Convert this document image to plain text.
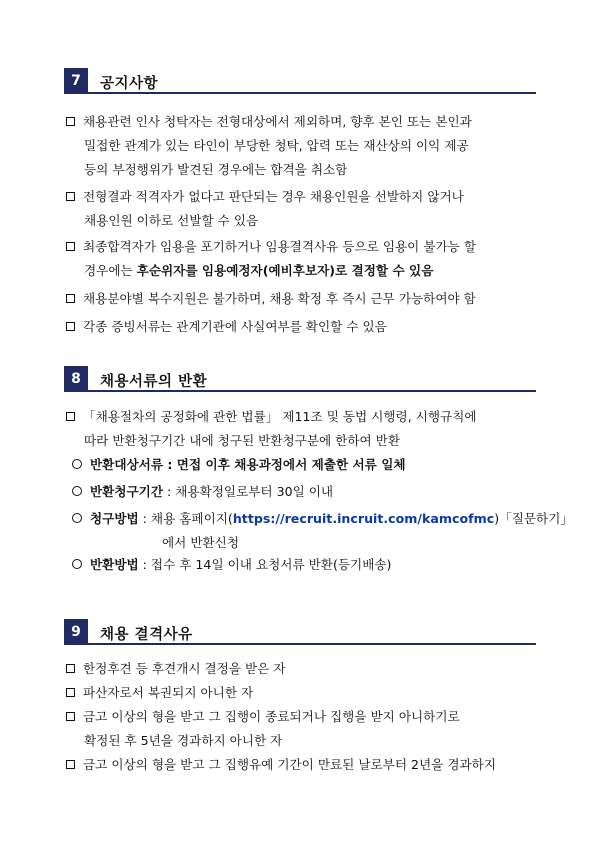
7	공지사항
채용관련 인사 청탁자는 전형대상에서 제외하며, 향후 본인 또는 본인과
밀접한 관계가 있는 타인이 부당한 청탁, 압력 또는 재산상의 이익 제공
등의 부정행위가 발견된 경우에는 합격을 취소함
전형결과 적격자가 없다고 판단되는 경우 채용인원을 선발하지 않거나
채용인원 이하로 선발할 수 있음
최종합격자가 임용을 포기하거나 임용결격사유 등으로 임용이 불가능 할
경우에는 후순위자를 임용예정자(예비후보자)로 결정할 수 있음
채용분야별 복수지원은 불가하며, 채용 확정 후 즉시 근무 가능하여야 함
각종 증빙서류는 관계기관에 사실여부를 확인할 수 있음
8	채용서류의 반환
「채용절차의 공정화에 관한 법률」 제11조 및 동법 시행령, 시행규칙에
따라 반환청구기간 내에 청구된 반환청구분에 한하여 반환
반환대상서류 : 면접 이후 채용과정에서 제출한 서류 일체
반환청구기간 : 채용확정일로부터 30일 이내
청구방법 : 채용 홈페이지(https://recruit.incruit.com/kamcofmc)「질문하기」
에서 반환신청
반환방법 : 접수 후 14일 이내 요청서류 반환(등기배송)
9	채용 결격사유
한정후견 등 후견개시 결정을 받은 자
파산자로서 복권되지 아니한 자
금고 이상의 형을 받고 그 집행이 종료되거나 집행을 받지 아니하기로
확정된 후 5년을 경과하지 아니한 자
금고 이상의 형을 받고 그 집행유예 기간이 만료된 날로부터 2년을 경과하지
